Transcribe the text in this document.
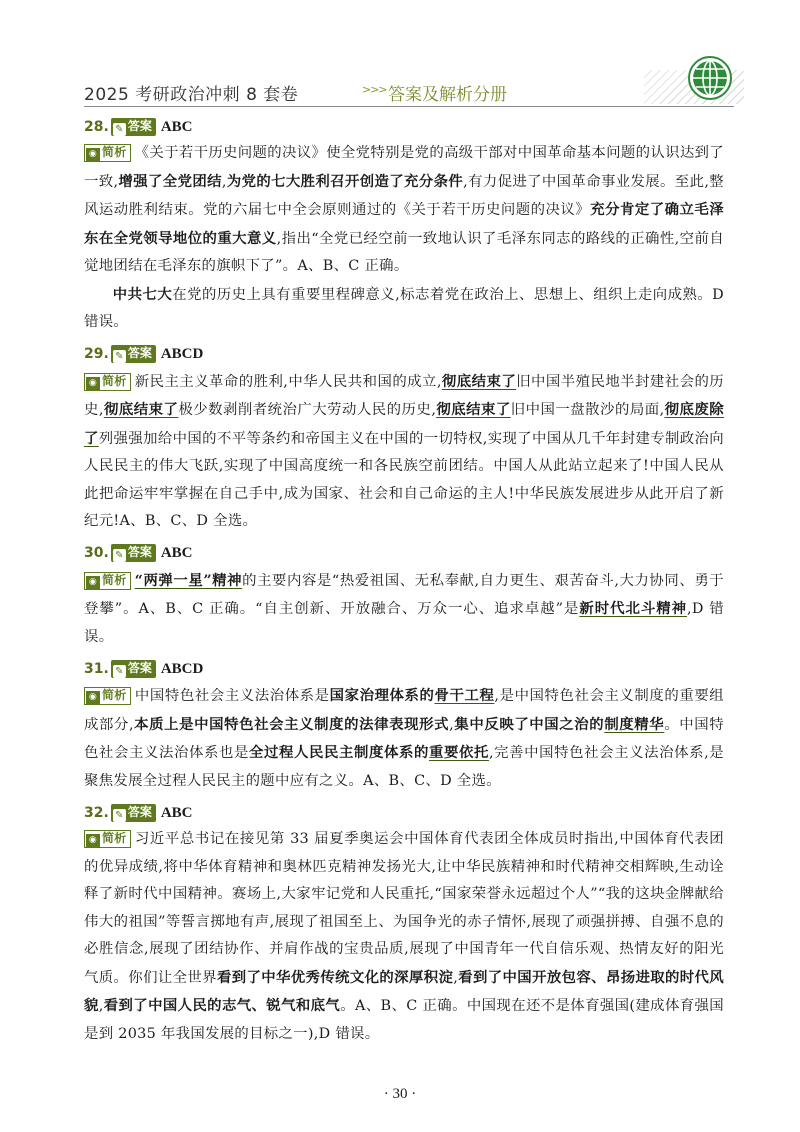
2025 考研政治冲刺 8 套卷	>>> 答案及解析分册
28. ✎ 答案 ABC

◉ 简析 《关于若干历史问题的决议》使全党特别是党的高级干部对中国革命基本问题的认识达到了一致,增强了全党团结,为党的七大胜利召开创造了充分条件,有力促进了中国革命事业发展。至此,整风运动胜利结束。党的六届七中全会原则通过的《关于若干历史问题的决议》充分肯定了确立毛泽东在全党领导地位的重大意义,指出“全党已经空前一致地认识了毛泽东同志的路线的正确性,空前自觉地团结在毛泽东的旗帜下了”。A、B、C 正确。

中共七大在党的历史上具有重要里程碑意义,标志着党在政治上、思想上、组织上走向成熟。D 错误。

29. ✎ 答案 ABCD

◉ 简析 新民主主义革命的胜利,中华人民共和国的成立,彻底结束了旧中国半殖民地半封建社会的历史,彻底结束了极少数剥削者统治广大劳动人民的历史,彻底结束了旧中国一盘散沙的局面,彻底废除了列强强加给中国的不平等条约和帝国主义在中国的一切特权,实现了中国从几千年封建专制政治向人民民主的伟大飞跃,实现了中国高度统一和各民族空前团结。中国人从此站立起来了!中国人民从此把命运牢牢掌握在自己手中,成为国家、社会和自己命运的主人!中华民族发展进步从此开启了新纪元!A、B、C、D 全选。

30. ✎ 答案 ABC

◉ 简析 “两弹一星”精神的主要内容是“热爱祖国、无私奉献,自力更生、艰苦奋斗,大力协同、勇于登攀”。A、B、C 正确。“自主创新、开放融合、万众一心、追求卓越”是新时代北斗精神,D 错误。

31. ✎ 答案 ABCD

◉ 简析 中国特色社会主义法治体系是国家治理体系的骨干工程,是中国特色社会主义制度的重要组成部分,本质上是中国特色社会主义制度的法律表现形式,集中反映了中国之治的制度精华。中国特色社会主义法治体系也是全过程人民民主制度体系的重要依托,完善中国特色社会主义法治体系,是聚焦发展全过程人民民主的题中应有之义。A、B、C、D 全选。

32. ✎ 答案 ABC

◉ 简析 习近平总书记在接见第 33 届夏季奥运会中国体育代表团全体成员时指出,中国体育代表团的优异成绩,将中华体育精神和奥林匹克精神发扬光大,让中华民族精神和时代精神交相辉映,生动诠释了新时代中国精神。赛场上,大家牢记党和人民重托,“国家荣誉永远超过个人”“我的这块金牌献给伟大的祖国”等誓言掷地有声,展现了祖国至上、为国争光的赤子情怀,展现了顽强拼搏、自强不息的必胜信念,展现了团结协作、并肩作战的宝贵品质,展现了中国青年一代自信乐观、热情友好的阳光气质。你们让全世界看到了中华优秀传统文化的深厚积淀,看到了中国开放包容、昂扬进取的时代风貌,看到了中国人民的志气、锐气和底气。A、B、C 正确。中国现在还不是体育强国(建成体育强国是到 2035 年我国发展的目标之一),D 错误。

· 30 ·
